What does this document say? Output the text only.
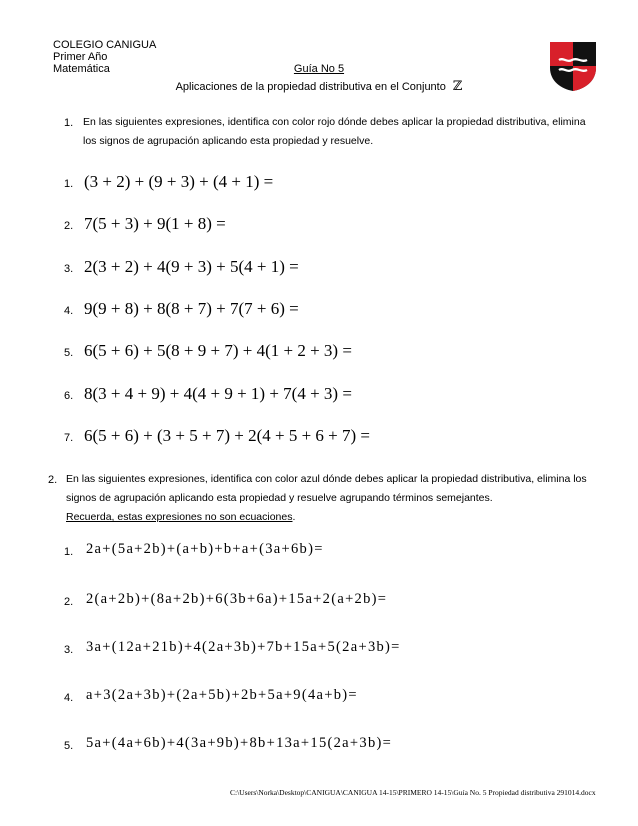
COLEGIO CANIGUA
Primer Año
Matemática	Guía No 5
Aplicaciones de la propiedad distributiva en el Conjunto ℤ
1. En las siguientes expresiones, identifica con color rojo dónde debes aplicar la propiedad distributiva, elimina
los signos de agrupación aplicando esta propiedad y resuelve.
1. (3 + 2) + (9 + 3) + (4 + 1) =
2. 7(5 + 3) + 9(1 + 8) =
3. 2(3 + 2) + 4(9 + 3) + 5(4 + 1) =
4. 9(9 + 8) + 8(8 + 7) + 7(7 + 6) =
5. 6(5 + 6) + 5(8 + 9 + 7) + 4(1 + 2 + 3) =
6. 8(3 + 4 + 9) + 4(4 + 9 + 1) + 7(4 + 3) =
7. 6(5 + 6) + (3 + 5 + 7) + 2(4 + 5 + 6 + 7) =
2. En las siguientes expresiones, identifica con color azul dónde debes aplicar la propiedad distributiva, elimina los
signos de agrupación aplicando esta propiedad y resuelve agrupando términos semejantes.
Recuerda, estas expresiones no son ecuaciones.
1. 2a+(5a+2b)+(a+b)+b+a+(3a+6b)=
2. 2(a+2b)+(8a+2b)+6(3b+6a)+15a+2(a+2b)=
3. 3a+(12a+21b)+4(2a+3b)+7b+15a+5(2a+3b)=
4. a+3(2a+3b)+(2a+5b)+2b+5a+9(4a+b)=
5. 5a+(4a+6b)+4(3a+9b)+8b+13a+15(2a+3b)=
C:\Users\Norka\Desktop\CANIGUA\CANIGUA 14-15\PRIMERO 14-15\Guía No. 5 Propiedad distributiva 291014.docx
